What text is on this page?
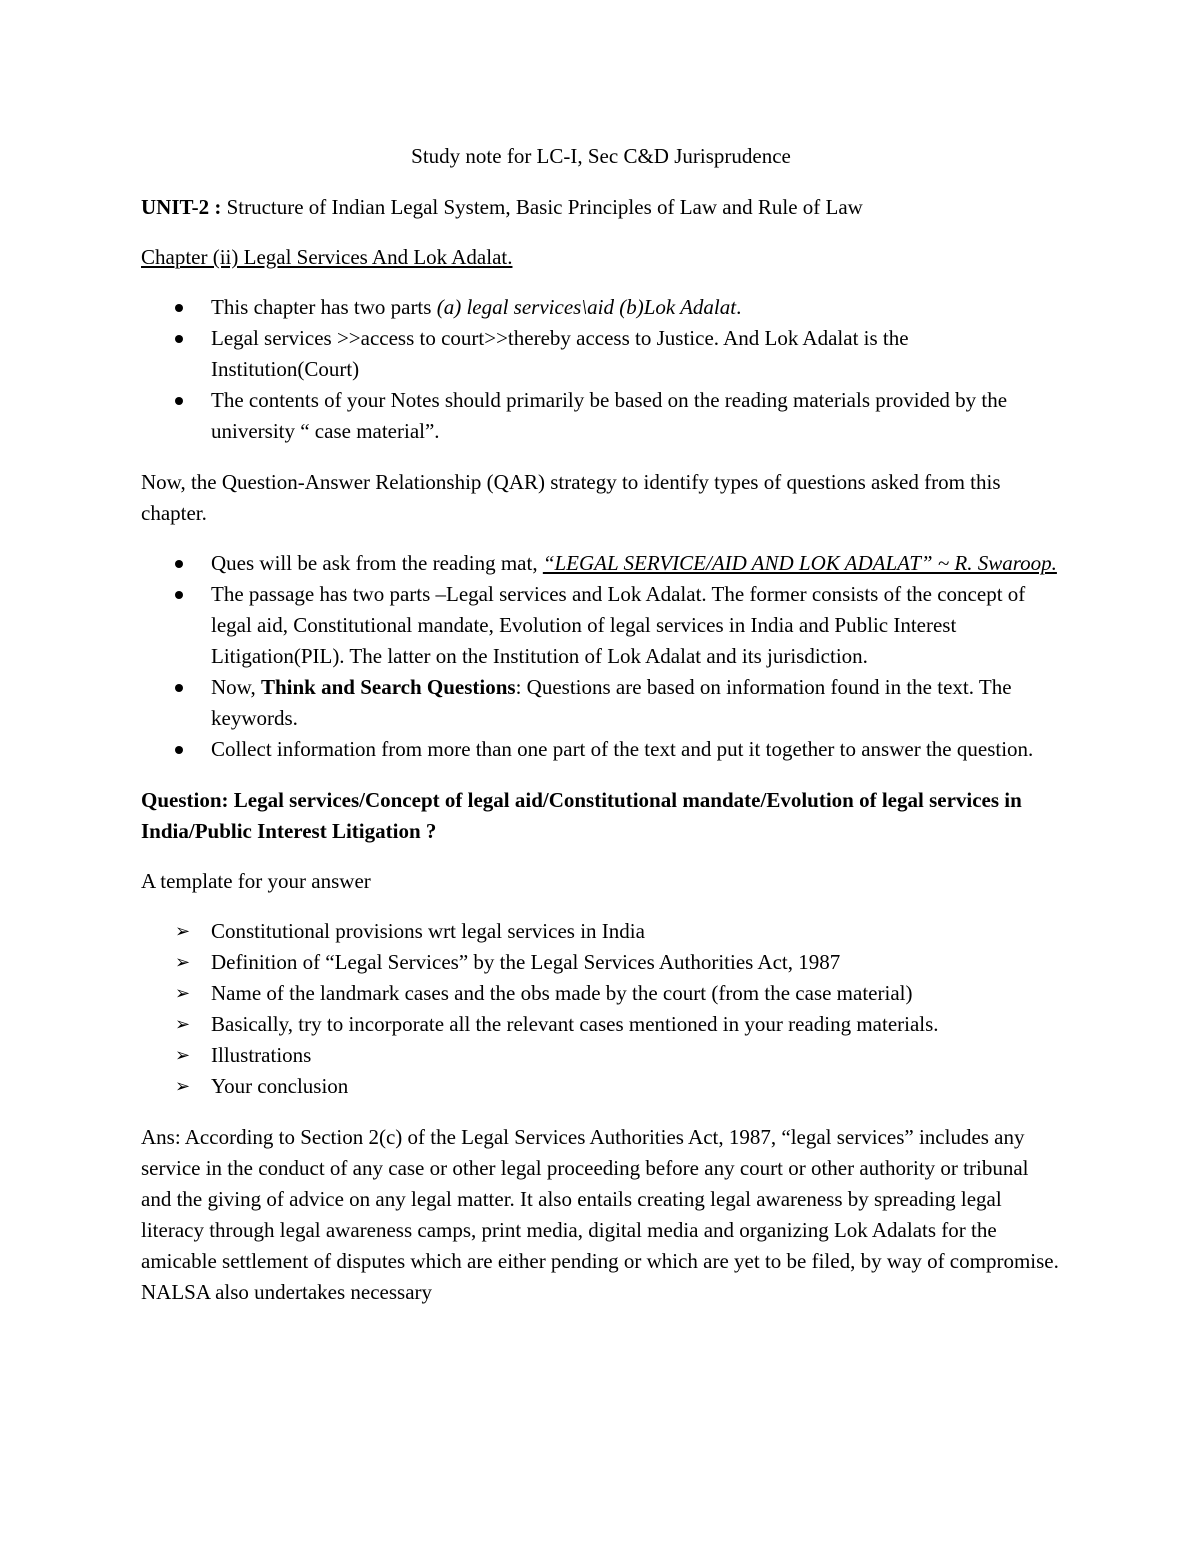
Study note for LC-I, Sec C&D Jurisprudence

UNIT-2 : Structure of Indian Legal System, Basic Principles of Law and Rule of Law

Chapter (ii) Legal Services And Lok Adalat.

This chapter has two parts (a) legal services\aid (b)Lok Adalat.
Legal services >>access to court>>thereby access to Justice. And Lok Adalat is the Institution(Court)
The contents of your Notes should primarily be based on the reading materials provided by the university “ case material”.

Now, the Question-Answer Relationship (QAR) strategy to identify types of questions asked from this chapter.

Ques will be ask from the reading mat, “LEGAL SERVICE/AID AND LOK ADALAT” ~ R. Swaroop.
The passage has two parts –Legal services and Lok Adalat. The former consists of the concept of legal aid, Constitutional mandate, Evolution of legal services in India and Public Interest Litigation(PIL). The latter on the Institution of Lok Adalat and its jurisdiction.
Now, Think and Search Questions: Questions are based on information found in the text. The keywords.
Collect information from more than one part of the text and put it together to answer the question.

Question: Legal services/Concept of legal aid/Constitutional mandate/Evolution of legal services in India/Public Interest Litigation ?

A template for your answer

➢ Constitutional provisions wrt legal services in India
➢ Definition of “Legal Services” by the Legal Services Authorities Act, 1987
➢ Name of the landmark cases and the obs made by the court (from the case material)
➢ Basically, try to incorporate all the relevant cases mentioned in your reading materials.
➢ Illustrations
➢ Your conclusion

Ans: According to Section 2(c) of the Legal Services Authorities Act, 1987, “legal services” includes any service in the conduct of any case or other legal proceeding before any court or other authority or tribunal and the giving of advice on any legal matter. It also entails creating legal awareness by spreading legal literacy through legal awareness camps, print media, digital media and organizing Lok Adalats for the amicable settlement of disputes which are either pending or which are yet to be filed, by way of compromise. NALSA also undertakes necessary
